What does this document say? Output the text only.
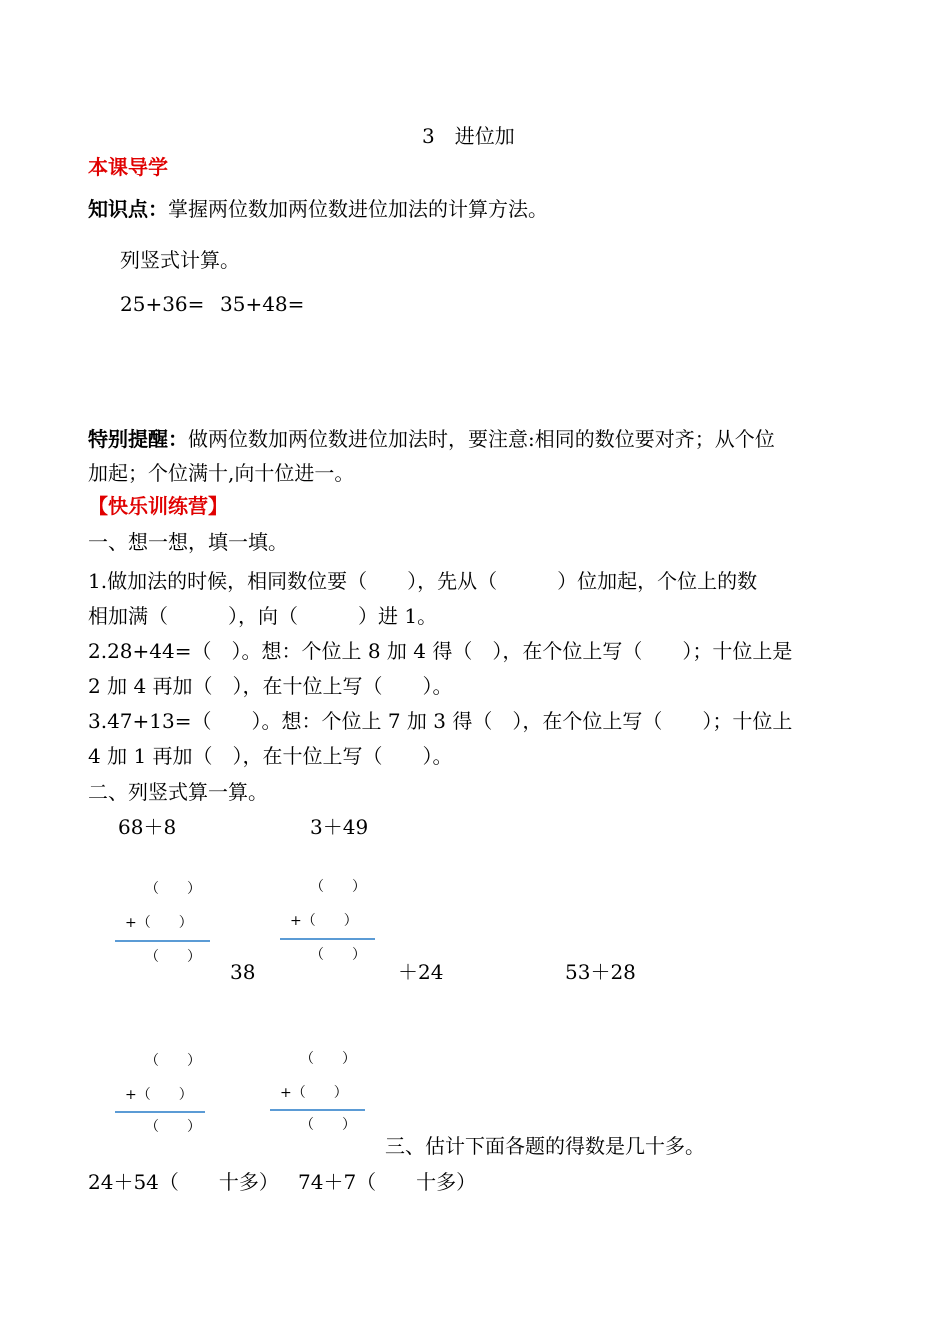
3　进位加
本课导学
知识点：掌握两位数加两位数进位加法的计算方法。
列竖式计算。
25+36= 35+48=
特别提醒：做两位数加两位数进位加法时，要注意:相同的数位要对齐；从个位
加起；个位满十,向十位进一。
【快乐训练营】
一、想一想，填一填。
1.做加法的时候，相同数位要（　　），先从（　　　）位加起，个位上的数
相加满（　　　），向（　　　）进 1。
2.28+44=（　）。想：个位上 8 加 4 得（　），在个位上写（　　）；十位上是
2 加 4 再加（　），在十位上写（　　）。
3.47+13=（　　）。想：个位上 7 加 3 得（　），在个位上写（　　）；十位上
4 加 1 再加（　），在十位上写（　　）。
二、列竖式算一算。
68＋8	3＋49
（　　）
+（　　）
（　　）
（　　）
+（　　）
（　　）
38	＋24	53＋28
（　　）
+（　　）
（　　）
（　　）
+（　　）
（　　）
三、估计下面各题的得数是几十多。
24＋54（　　十多） 74＋7（　　十多）
